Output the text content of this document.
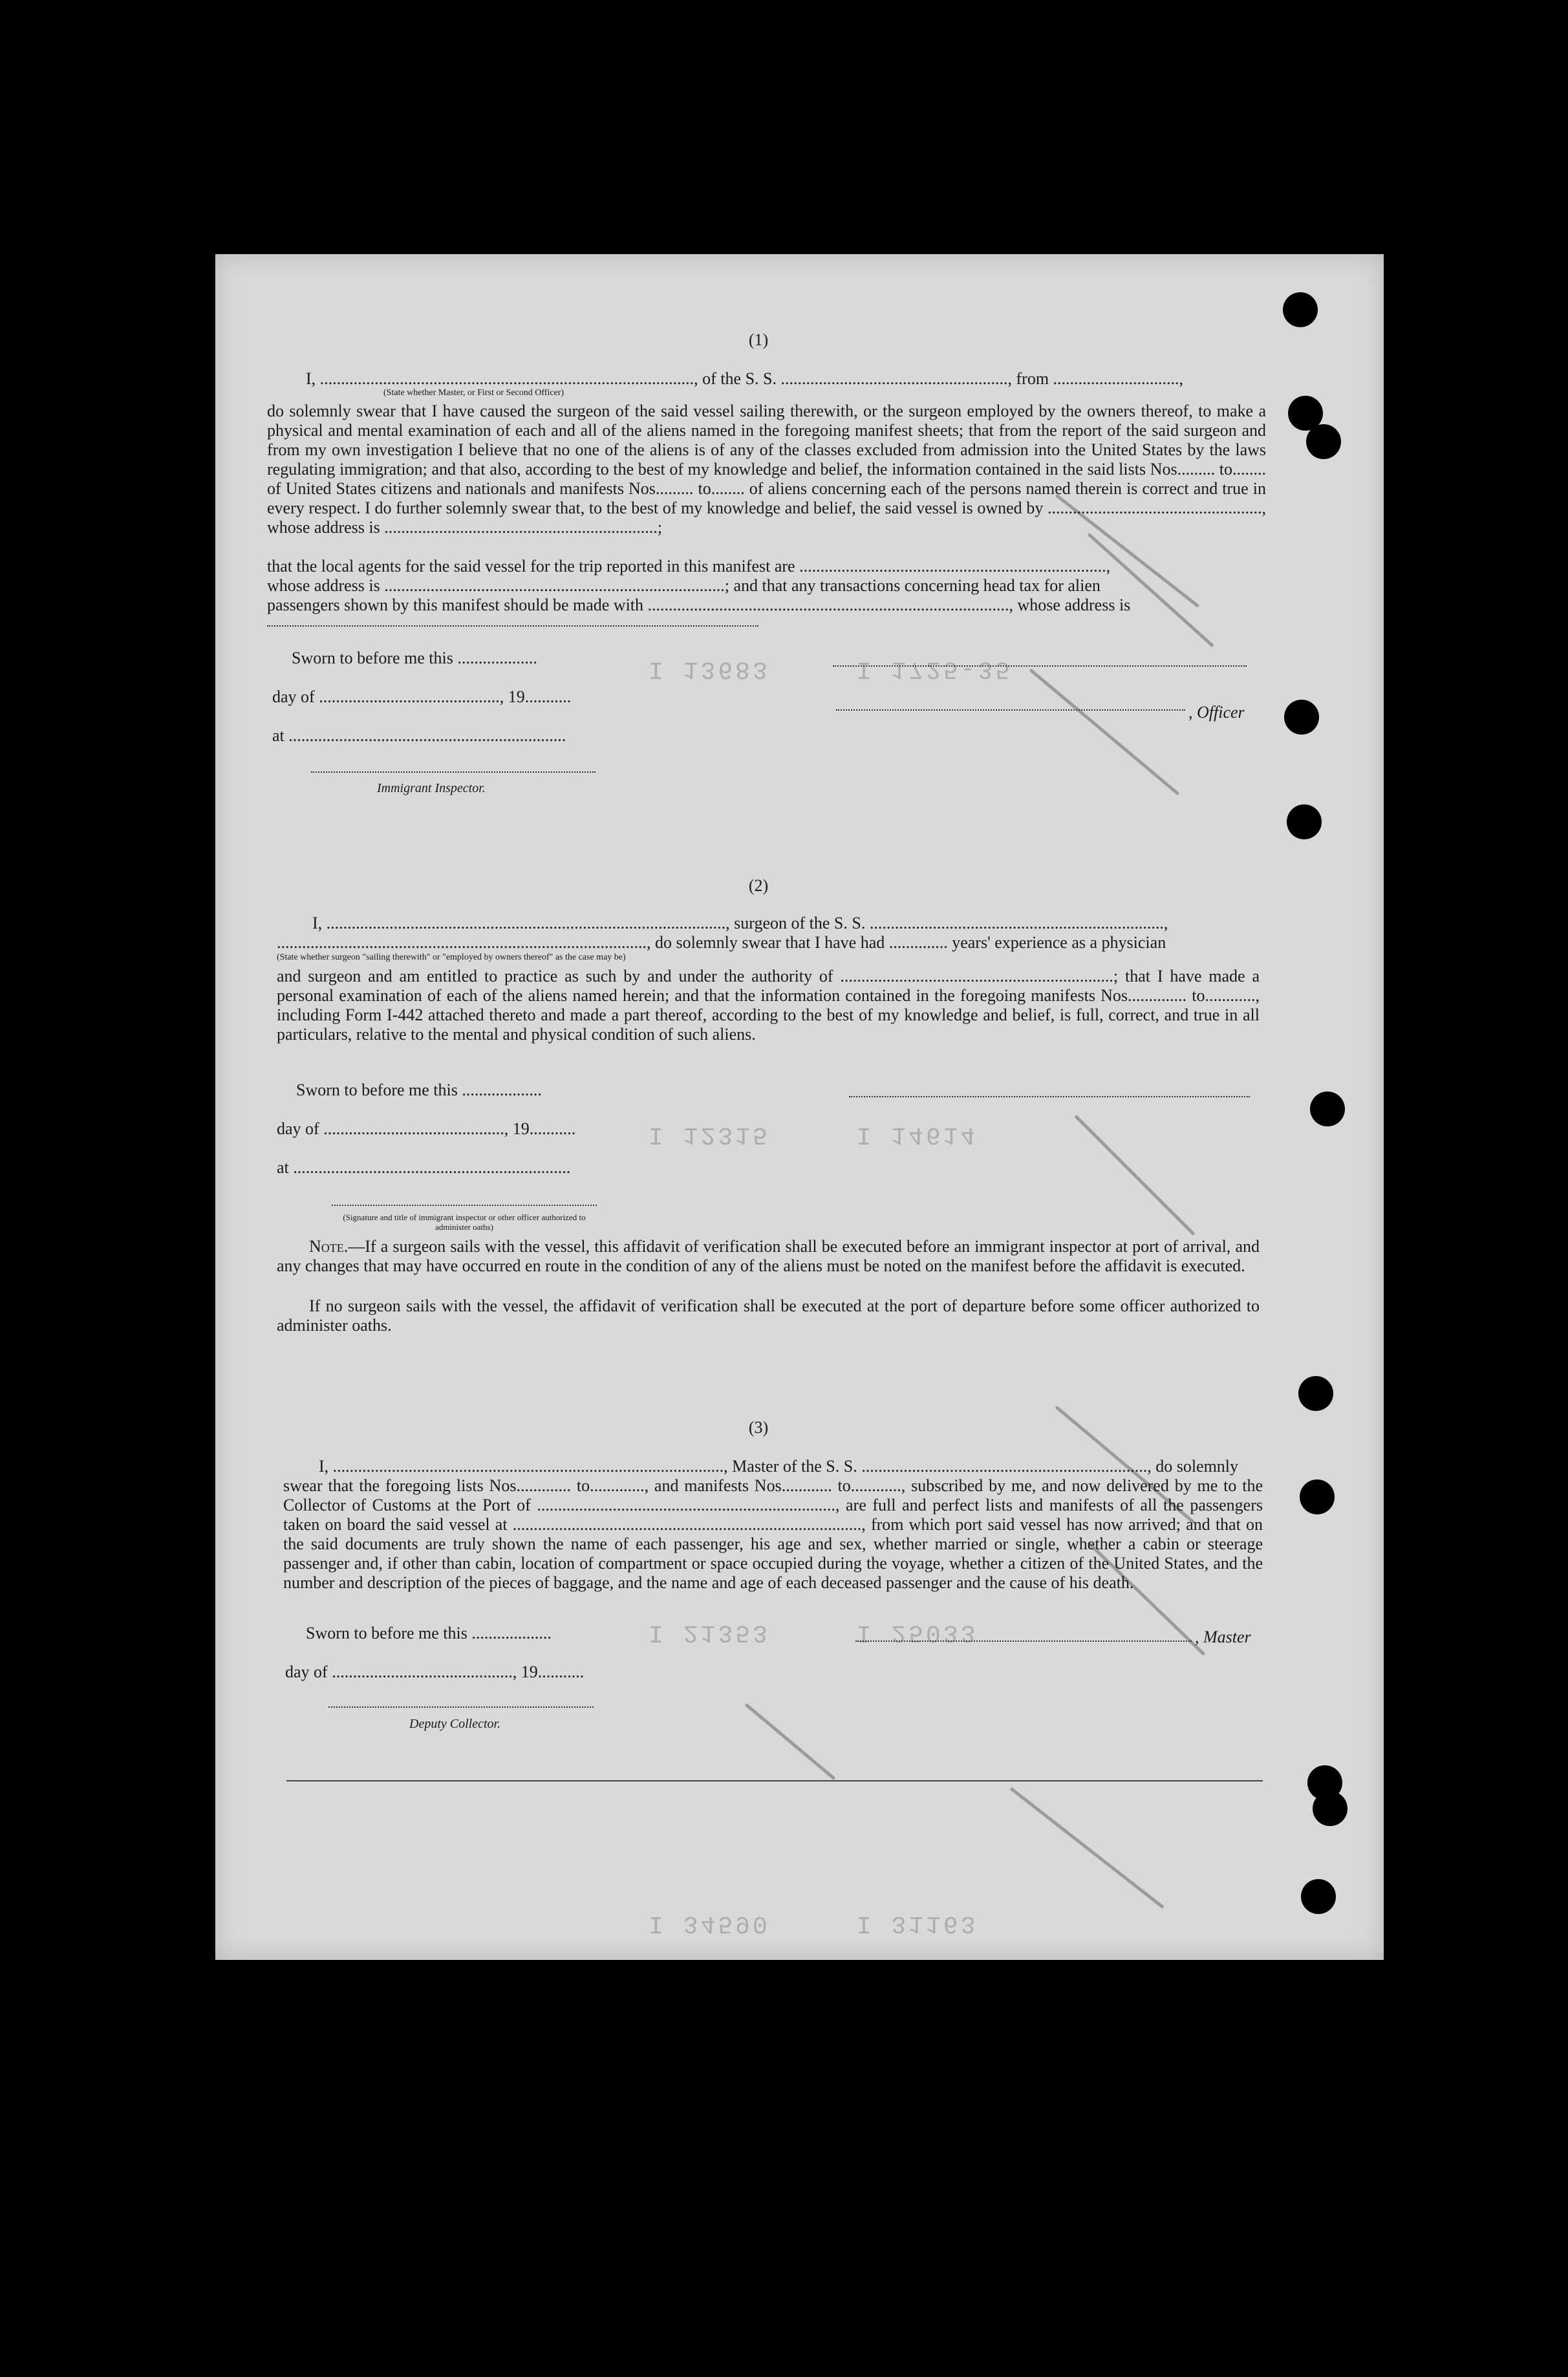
I 13683     I 1725-35
I 12315     I 14614
I 21353     I 25033
I 34590     I 31163
(1)
I, ........................................................................................., of the S. S. ......................................................, from ..............................,
(State whether Master, or First or Second Officer)
do solemnly swear that I have caused the surgeon of the said vessel sailing therewith, or the surgeon employed by the owners thereof, to make a physical and mental examination of each and all of the aliens named in the foregoing manifest sheets; that from the report of the said surgeon and from my own investigation I believe that no one of the aliens is of any of the classes excluded from admission into the United States by the laws regulating immigration; and that also, according to the best of my knowledge and belief, the information contained in the said lists Nos......... to........ of United States citizens and nationals and manifests Nos......... to........ of aliens concerning each of the persons named therein is correct and true in every respect. I do further solemnly swear that, to the best of my knowledge and belief, the said vessel is owned by ..................................................., whose address is .................................................................;
that the local agents for the said vessel for the trip reported in this manifest are .........................................................................,
whose address is .................................................................................; and that any transactions concerning head tax for alien
passengers shown by this manifest should be made with ......................................................................................, whose address is
Sworn to before me this ...................
day of ..........................................., 19...........
, Officer
at ..................................................................
Immigrant Inspector.
(2)
I, ..............................................................................................., surgeon of the S. S. ......................................................................,
........................................................................................, do solemnly swear that I have had .............. years' experience as a physician
(State whether surgeon "sailing therewith" or "employed by owners thereof" as the case may be)
and surgeon and am entitled to practice as such by and under the authority of .................................................................; that I have made a personal examination of each of the aliens named herein; and that the information contained in the foregoing manifests Nos.............. to............, including Form I-442 attached thereto and made a part thereof, according to the best of my knowledge and belief, is full, correct, and true in all particulars, relative to the mental and physical condition of such aliens.
Sworn to before me this ...................
day of ..........................................., 19...........
at ..................................................................
(Signature and title of immigrant inspector or other officer authorized to administer oaths)
Note.—If a surgeon sails with the vessel, this affidavit of verification shall be executed before an immigrant inspector at port of arrival, and any changes that may have occurred en route in the condition of any of the aliens must be noted on the manifest before the affidavit is executed.
If no surgeon sails with the vessel, the affidavit of verification shall be executed at the port of departure before some officer authorized to administer oaths.
(3)
I, ............................................................................................., Master of the S. S. ...................................................................., do solemnly
swear that the foregoing lists Nos............. to............., and manifests Nos............ to............, subscribed by me, and now delivered by me to the Collector of Customs at the Port of ......................................................................., are full and perfect lists and manifests of all the passengers taken on board the said vessel at ..................................................................................., from which port said vessel has now arrived; and that on the said documents are truly shown the name of each passenger, his age and sex, whether married or single, whether a cabin or steerage passenger and, if other than cabin, location of compartment or space occupied during the voyage, whether a citizen of the United States, and the number and description of the pieces of baggage, and the name and age of each deceased passenger and the cause of his death.
Sworn to before me this ...................	, Master
day of ..........................................., 19...........
Deputy Collector.
